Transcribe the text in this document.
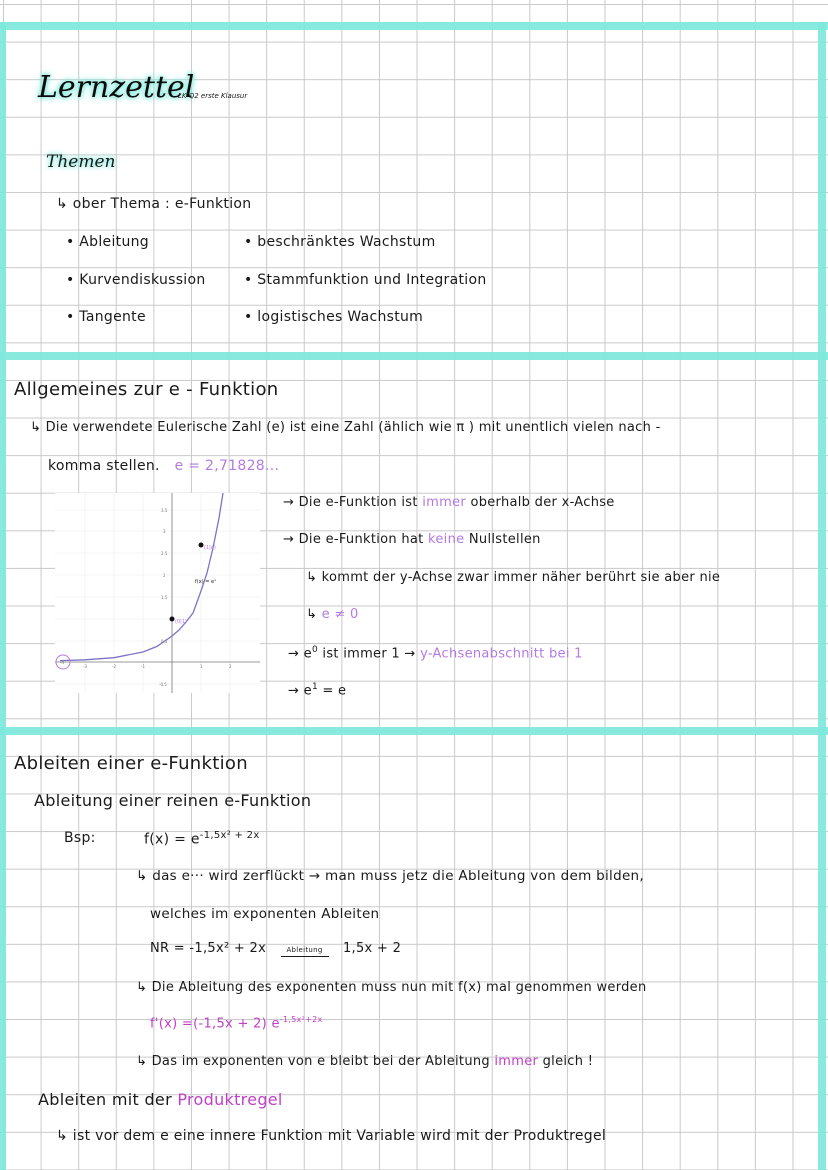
Lernzettel
LK Q2 erste Klausur
Themen
↳ ober Thema : e-Funktion
• Ableitung
• Kurvendiskussion
• Tangente
• beschränktes Wachstum
• Stammfunktion und Integration
• logistisches Wachstum
Allgemeines zur e - Funktion
↳ Die verwendete Eulerische Zahl (e) ist eine Zahl (ählich wie π ) mit unentlich vielen nach -
komma stellen. e = 2,71828...
-3	-2	-1	1	2
-4
3.5
3
2.5
2
1.5
0.5
-0.5
(0|1)
(1|e)
f(x) = eˣ
→ Die e-Funktion ist immer oberhalb der x-Achse
→ Die e-Funktion hat keine Nullstellen
↳ kommt der y-Achse zwar immer näher berührt sie aber nie
↳ e ≠ 0
→ $e^0$ ist immer 1 → y-Achsenabschnitt bei 1
→ $e^1 = e$
Ableiten einer e-Funktion
Ableitung einer reinen e-Funktion
Bsp:	$f(x) = e^{-1,5x^2 + 2x}$
↳ das e··· wird zerflückt → man muss jetz die Ableitung von dem bilden,
welches im exponenten Ableiten
NR = -1,5x² + 2x	Ableitung 1,5x + 2
↳ Die Ableitung des exponenten muss nun mit f(x) mal genommen werden
f'(x) =(-1,5x + 2) $e^{-1,5x^2+2x}$
↳ Das im exponenten von e bleibt bei der Ableitung immer gleich !
Ableiten mit der Produktregel
↳ ist vor dem e eine innere Funktion mit Variable wird mit der Produktregel
